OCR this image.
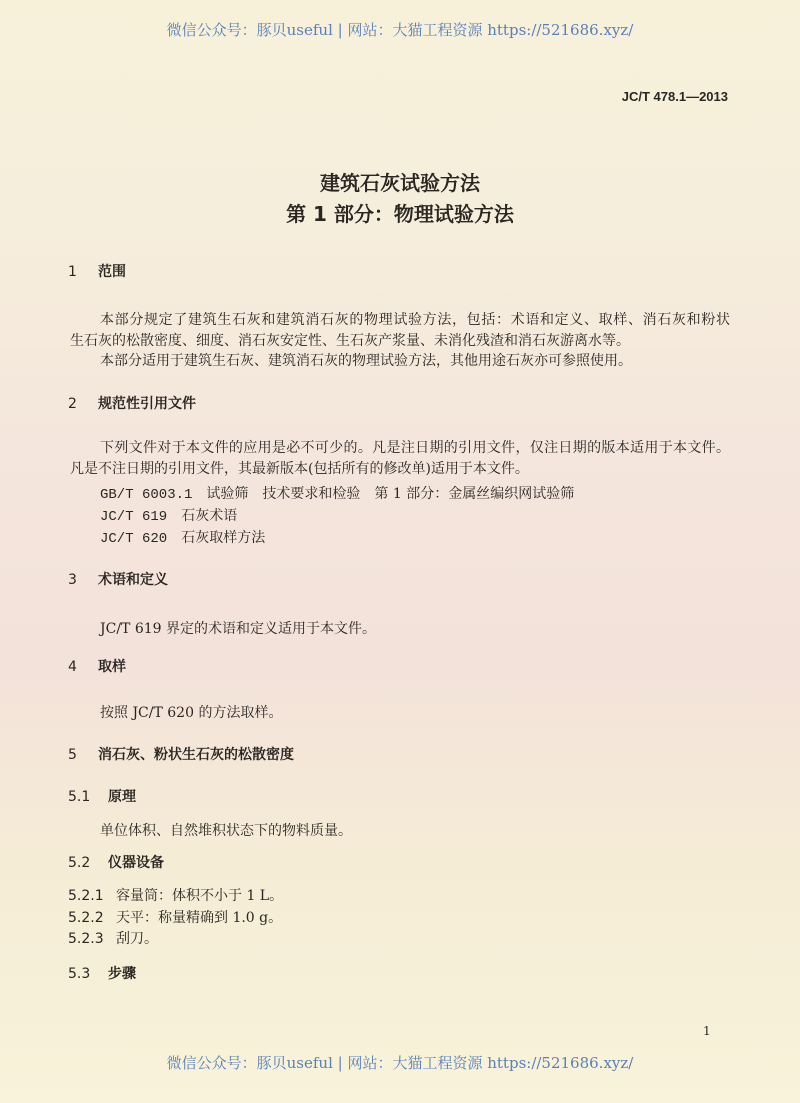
微信公众号：豚贝useful | 网站：大猫工程资源 https://521686.xyz/
JC/T 478.1—2013
建筑石灰试验方法
第 1 部分：物理试验方法
1 范围
本部分规定了建筑生石灰和建筑消石灰的物理试验方法，包括：术语和定义、取样、消石灰和粉状
生石灰的松散密度、细度、消石灰安定性、生石灰产浆量、未消化残渣和消石灰游离水等。
本部分适用于建筑生石灰、建筑消石灰的物理试验方法，其他用途石灰亦可参照使用。
2 规范性引用文件
下列文件对于本文件的应用是必不可少的。凡是注日期的引用文件，仅注日期的版本适用于本文件。
凡是不注日期的引用文件，其最新版本(包括所有的修改单)适用于本文件。
GB/T 6003.1 试验筛　技术要求和检验　第 1 部分：金属丝编织网试验筛
JC/T 619 石灰术语
JC/T 620 石灰取样方法
3 术语和定义
JC/T 619 界定的术语和定义适用于本文件。
4 取样
按照 JC/T 620 的方法取样。
5 消石灰、粉状生石灰的松散密度
5.1 原理
单位体积、自然堆积状态下的物料质量。
5.2 仪器设备
5.2.1 容量筒：体积不小于 1 L。
5.2.2 天平：称量精确到 1.0 g。
5.2.3 刮刀。
5.3 步骤
1
微信公众号：豚贝useful | 网站：大猫工程资源 https://521686.xyz/
